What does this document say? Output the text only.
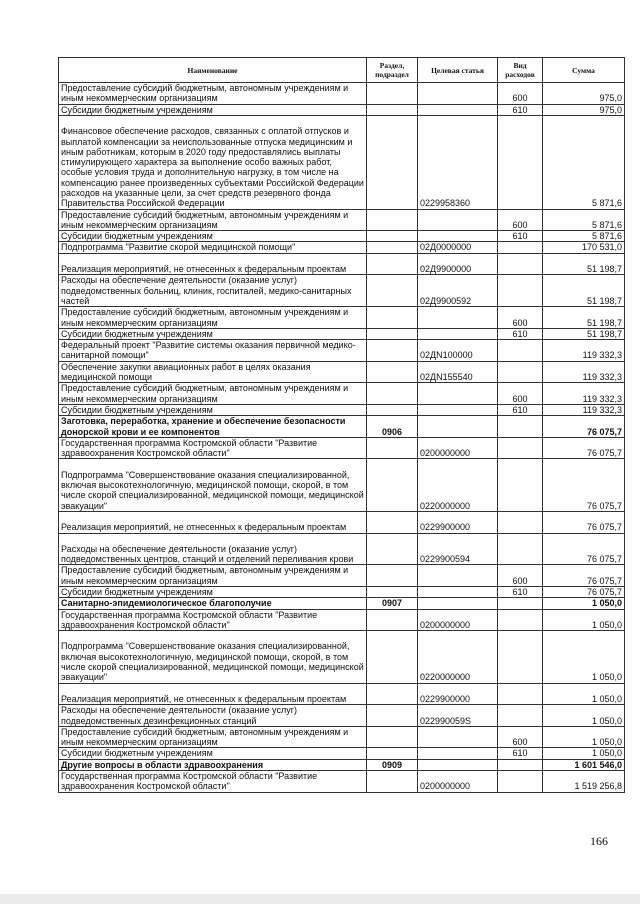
Наименование	Раздел, подраздел	Целевая статья	Вид расходов	Сумма
Предоставление субсидий бюджетным, автономным учреждениям и иным некоммерческим организациям			600	975,0
Субсидии бюджетным учреждениям			610	975,0
Финансовое обеспечение расходов, связанных с оплатой отпусков и выплатой компенсации за неиспользованные отпуска медицинским и иным работникам, которым в 2020 году предоставлялись выплаты стимулирующего характера за выполнение особо важных работ, особые условия труда и дополнительную нагрузку, в том числе на компенсацию ранее произведенных субъектами Российской Федерации расходов на указанные цели, за счет средств резервного фонда Правительства Российской Федерации		0229958360		5 871,6
Предоставление субсидий бюджетным, автономным учреждениям и иным некоммерческим организациям			600	5 871,6
Субсидии бюджетным учреждениям			610	5 871,6
Подпрограмма "Развитие скорой медицинской помощи"		02Д0000000		170 531,0
Реализация мероприятий, не отнесенных к федеральным проектам		02Д9900000		51 198,7
Расходы на обеспечение деятельности (оказание услуг) подведомственных больниц, клиник, госпиталей, медико-санитарных частей		02Д9900592		51 198,7
Предоставление субсидий бюджетным, автономным учреждениям и иным некоммерческим организациям			600	51 198,7
Субсидии бюджетным учреждениям			610	51 198,7
Федеральный проект "Развитие системы оказания первичной медико-санитарной помощи"		02ДN100000		119 332,3
Обеспечение закупки авиационных работ в целях оказания медицинской помощи		02ДN155540		119 332,3
Предоставление субсидий бюджетным, автономным учреждениям и иным некоммерческим организациям			600	119 332,3
Субсидии бюджетным учреждениям			610	119 332,3
Заготовка, переработка, хранение и обеспечение безопасности донорской крови и ее компонентов	0906			76 075,7
Государственная программа Костромской области "Развитие здравоохранения Костромской области"		0200000000		76 075,7
Подпрограмма "Совершенствование оказания специализированной, включая высокотехнологичную, медицинской помощи, скорой, в том числе скорой специализированной, медицинской помощи, медицинской эвакуации"		0220000000		76 075,7
Реализация мероприятий, не отнесенных к федеральным проектам		0229900000		76 075,7
Расходы на обеспечение деятельности (оказание услуг) подведомственных центров, станций и отделений переливания крови		0229900594		76 075,7
Предоставление субсидий бюджетным, автономным учреждениям и иным некоммерческим организациям			600	76 075,7
Субсидии бюджетным учреждениям			610	76 075,7
Санитарно-эпидемиологическое благополучие	0907			1 050,0
Государственная программа Костромской области "Развитие здравоохранения Костромской области"		0200000000		1 050,0
Подпрограмма "Совершенствование оказания специализированной, включая высокотехнологичную, медицинской помощи, скорой, в том числе скорой специализированной, медицинской помощи, медицинской эвакуации"		0220000000		1 050,0
Реализация мероприятий, не отнесенных к федеральным проектам		0229900000		1 050,0
Расходы на обеспечение деятельности (оказание услуг) подведомственных дезинфекционных станций		022990059S		1 050,0
Предоставление субсидий бюджетным, автономным учреждениям и иным некоммерческим организациям			600	1 050,0
Субсидии бюджетным учреждениям			610	1 050,0
Другие вопросы в области здравоохранения	0909			1 601 546,0
Государственная программа Костромской области "Развитие здравоохранения Костромской области"		0200000000		1 519 256,8
166
